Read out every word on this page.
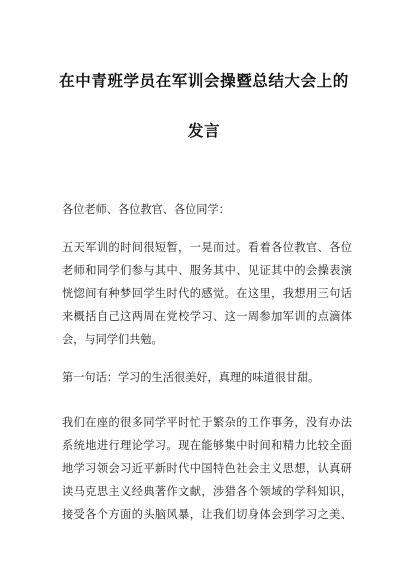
在中青班学员在军训会操暨总结大会上的
发言
各位老师、各位教官、各位同学：
五天军训的时间很短暂，一晃而过。看着各位教官、各位
老师和同学们参与其中、服务其中、见证其中的会操表演
恍惚间有种梦回学生时代的感觉。在这里，我想用三句话
来概括自己这两周在党校学习、这一周参加军训的点滴体
会，与同学们共勉。
第一句话：学习的生活很美好，真理的味道很甘甜。
我们在座的很多同学平时忙于繁杂的工作事务，没有办法
系统地进行理论学习。现在能够集中时间和精力比较全面
地学习领会习近平新时代中国特色社会主义思想，认真研
读马克思主义经典著作文献，涉猎各个领域的学科知识，
接受各个方面的头脑风暴，让我们切身体会到学习之美、
